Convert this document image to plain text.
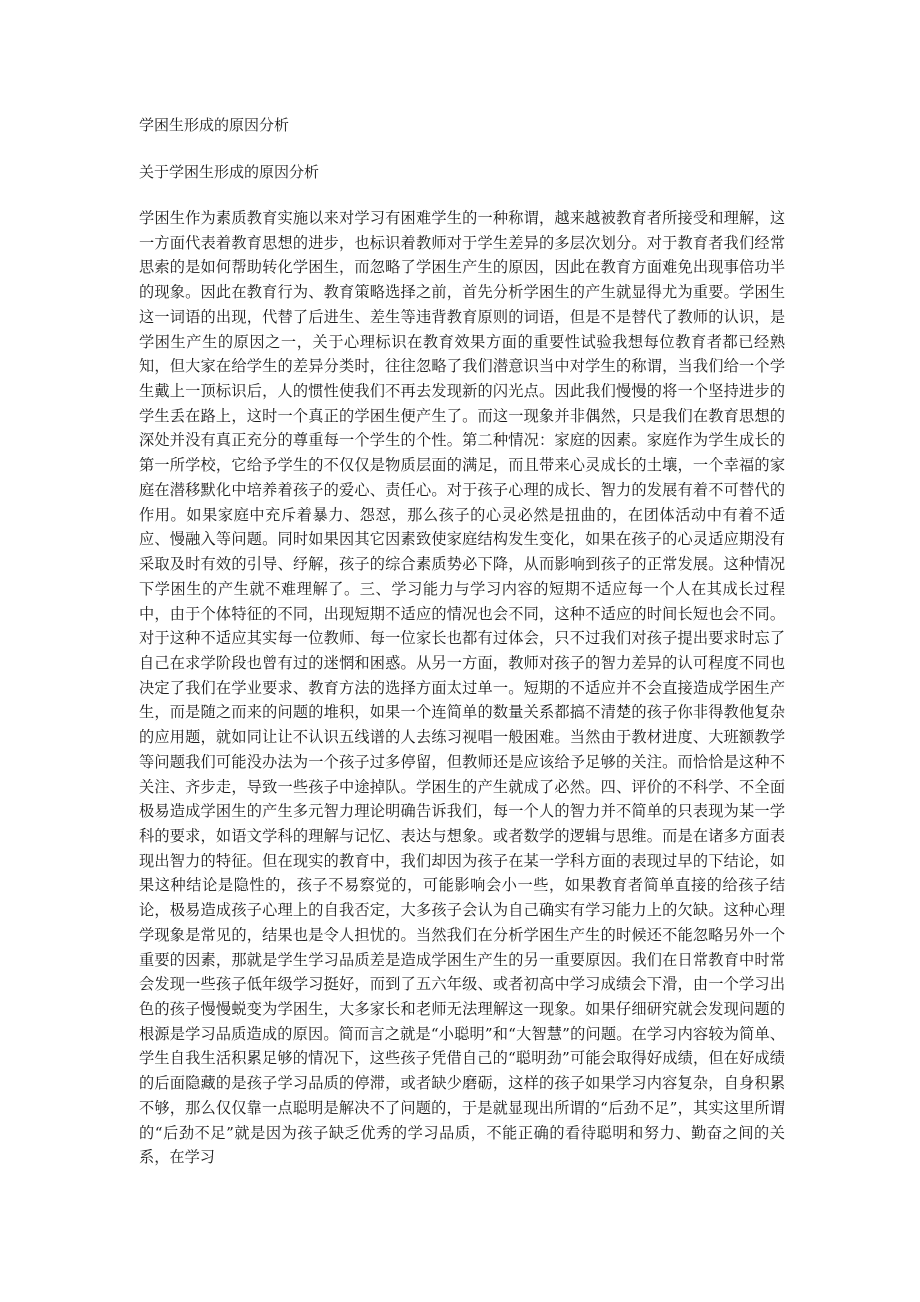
学困生形成的原因分析
关于学困生形成的原因分析

学困生作为素质教育实施以来对学习有困难学生的一种称谓，越来越被教育者所接受和理解，这一方面代表着教育思想的进步，也标识着教师对于学生差异的多层次划分。对于教育者我们经常思索的是如何帮助转化学困生，而忽略了学困生产生的原因，因此在教育方面难免出现事倍功半的现象。因此在教育行为、教育策略选择之前，首先分析学困生的产生就显得尤为重要。学困生这一词语的出现，代替了后进生、差生等违背教育原则的词语，但是不是替代了教师的认识，是学困生产生的原因之一，关于心理标识在教育效果方面的重要性试验我想每位教育者都已经熟知，但大家在给学生的差异分类时，往往忽略了我们潜意识当中对学生的称谓，当我们给一个学生戴上一顶标识后，人的惯性使我们不再去发现新的闪光点。因此我们慢慢的将一个坚持进步的学生丢在路上，这时一个真正的学困生便产生了。而这一现象并非偶然，只是我们在教育思想的深处并没有真正充分的尊重每一个学生的个性。第二种情况：家庭的因素。家庭作为学生成长的第一所学校，它给予学生的不仅仅是物质层面的满足，而且带来心灵成长的土壤，一个幸福的家庭在潜移默化中培养着孩子的爱心、责任心。对于孩子心理的成长、智力的发展有着不可替代的作用。如果家庭中充斥着暴力、怨怼，那么孩子的心灵必然是扭曲的，在团体活动中有着不适应、慢融入等问题。同时如果因其它因素致使家庭结构发生变化，如果在孩子的心灵适应期没有采取及时有效的引导、纾解，孩子的综合素质势必下降，从而影响到孩子的正常发展。这种情况下学困生的产生就不难理解了。三、学习能力与学习内容的短期不适应每一个人在其成长过程中，由于个体特征的不同，出现短期不适应的情况也会不同，这种不适应的时间长短也会不同。对于这种不适应其实每一位教师、每一位家长也都有过体会，只不过我们对孩子提出要求时忘了自己在求学阶段也曾有过的迷惘和困惑。从另一方面，教师对孩子的智力差异的认可程度不同也决定了我们在学业要求、教育方法的选择方面太过单一。短期的不适应并不会直接造成学困生产生，而是随之而来的问题的堆积，如果一个连简单的数量关系都搞不清楚的孩子你非得教他复杂的应用题，就如同让让不认识五线谱的人去练习视唱一般困难。当然由于教材进度、大班额教学等问题我们可能没办法为一个孩子过多停留，但教师还是应该给予足够的关注。而恰恰是这种不关注、齐步走，导致一些孩子中途掉队。学困生的产生就成了必然。四、评价的不科学、不全面极易造成学困生的产生多元智力理论明确告诉我们，每一个人的智力并不简单的只表现为某一学科的要求，如语文学科的理解与记忆、表达与想象。或者数学的逻辑与思维。而是在诸多方面表现出智力的特征。但在现实的教育中，我们却因为孩子在某一学科方面的表现过早的下结论，如果这种结论是隐性的，孩子不易察觉的，可能影响会小一些，如果教育者简单直接的给孩子结论，极易造成孩子心理上的自我否定，大多孩子会认为自己确实有学习能力上的欠缺。这种心理学现象是常见的，结果也是令人担忧的。当然我们在分析学困生产生的时候还不能忽略另外一个重要的因素，那就是学生学习品质差是造成学困生产生的另一重要原因。我们在日常教育中时常会发现一些孩子低年级学习挺好，而到了五六年级、或者初高中学习成绩会下滑，由一个学习出色的孩子慢慢蜕变为学困生，大多家长和老师无法理解这一现象。如果仔细研究就会发现问题的根源是学习品质造成的原因。简而言之就是“小聪明”和“大智慧”的问题。在学习内容较为简单、学生自我生活积累足够的情况下，这些孩子凭借自己的“聪明劲”可能会取得好成绩，但在好成绩的后面隐藏的是孩子学习品质的停滞，或者缺少磨砺，这样的孩子如果学习内容复杂，自身积累不够，那么仅仅靠一点聪明是解决不了问题的，于是就显现出所谓的“后劲不足”，其实这里所谓的“后劲不足”就是因为孩子缺乏优秀的学习品质，不能正确的看待聪明和努力、勤奋之间的关系，在学习
